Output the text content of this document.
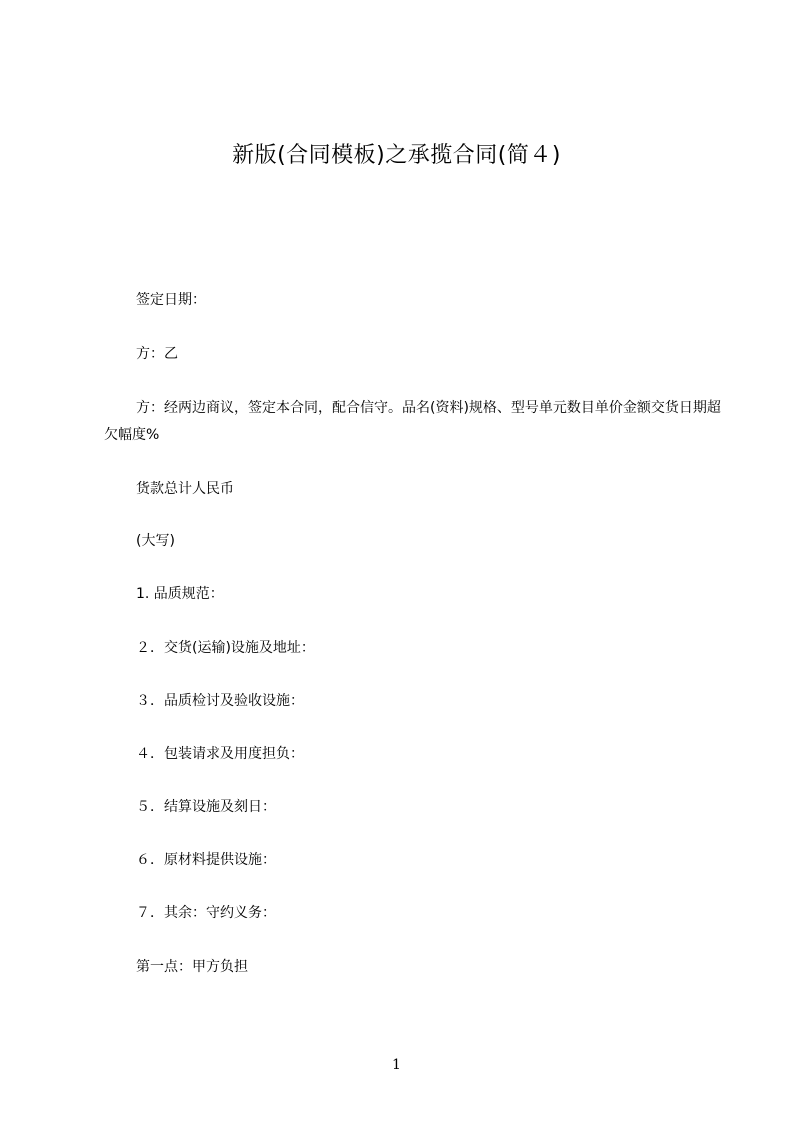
新版(合同模板)之承揽合同(简４)
签定日期：
方：乙
方：经两边商议，签定本合同，配合信守。品名(资料)规格、型号单元数目单价金额交货日期超欠幅度%
货款总计人民币
(大写)
1. 品质规范：
２．交货(运输)设施及地址：
３．品质检讨及验收设施：
４．包装请求及用度担负：
５．结算设施及刻日：
６．原材料提供设施：
７．其余：守约义务：
第一点：甲方负担
1
